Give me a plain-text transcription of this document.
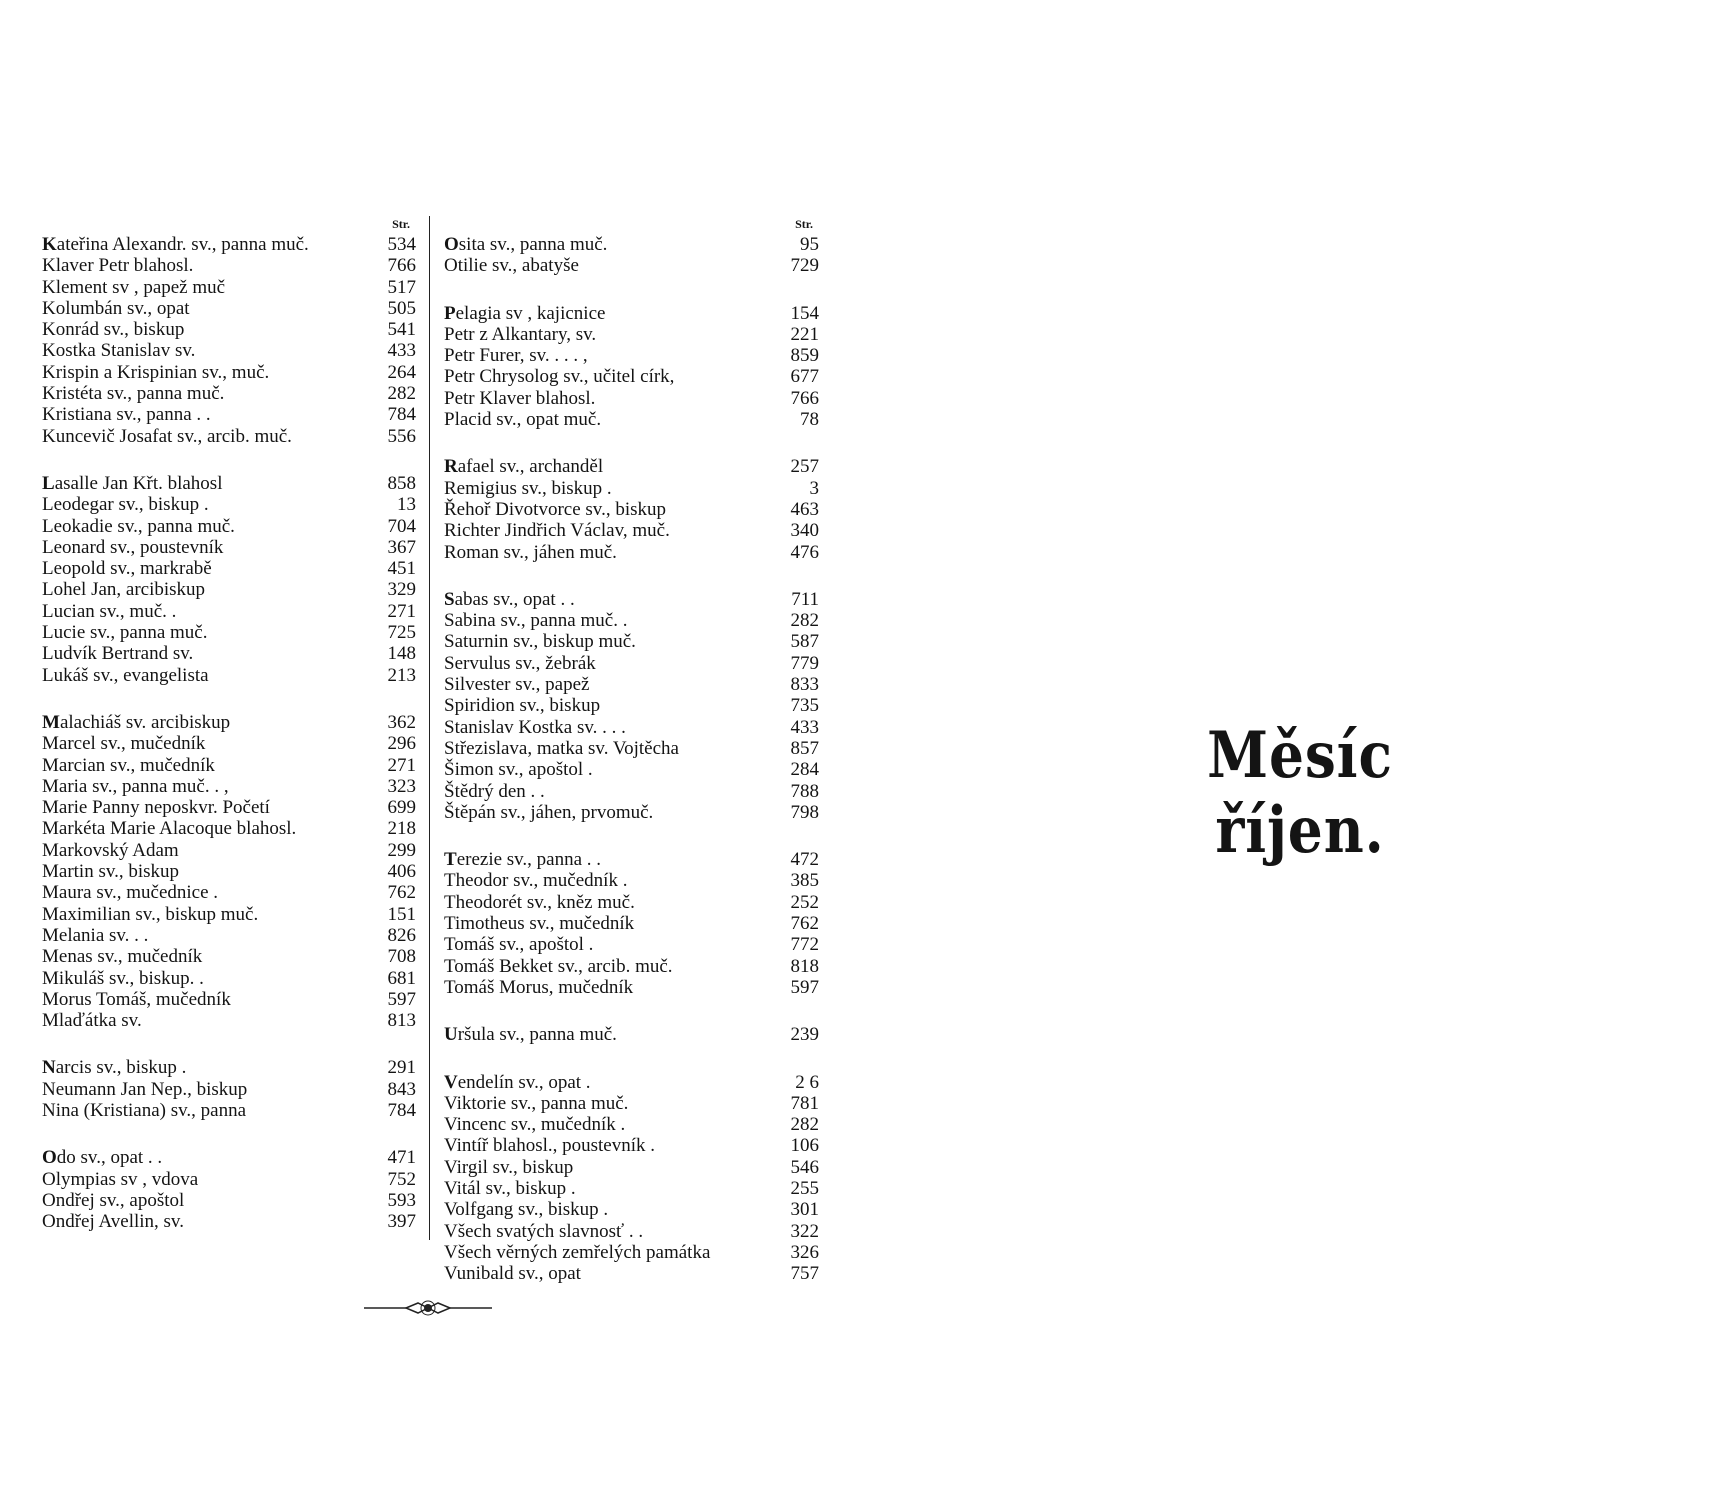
Str.
Kateřina Alexandr. sv., panna muč.	534
Klaver Petr blahosl.	766
Klement sv , papež muč	517
Kolumbán sv., opat	505
Konrád sv., biskup	541
Kostka Stanislav sv.	433
Krispin a Krispinian sv., muč.	264
Kristéta sv., panna muč.	282
Kristiana sv., panna . .	784
Kuncevič Josafat sv., arcib. muč.	556
Lasalle Jan Křt. blahosl	858
Leodegar sv., biskup .	13
Leokadie sv., panna muč.	704
Leonard sv., poustevník	367
Leopold sv., markrabě	451
Lohel Jan, arcibiskup	329
Lucian sv., muč. .	271
Lucie sv., panna muč.	725
Ludvík Bertrand sv.	148
Lukáš sv., evangelista	213
Malachiáš sv. arcibiskup	362
Marcel sv., mučedník	296
Marcian sv., mučedník	271
Maria sv., panna muč. . ,	323
Marie Panny neposkvr. Početí	699
Markéta Marie Alacoque blahosl.	218
Markovský Adam	299
Martin sv., biskup	406
Maura sv., mučednice .	762
Maximilian sv., biskup muč.	151
Melania sv. . .	826
Menas sv., mučedník	708
Mikuláš sv., biskup. .	681
Morus Tomáš, mučedník	597
Mlaďátka sv.	813
Narcis sv., biskup .	291
Neumann Jan Nep., biskup	843
Nina (Kristiana) sv., panna	784
Odo sv., opat . .	471
Olympias sv , vdova	752
Ondřej sv., apoštol	593
Ondřej Avellin, sv.	397
Str.
Osita sv., panna muč.	95
Otilie sv., abatyše	729
Pelagia sv , kajicnice	154
Petr z Alkantary, sv.	221
Petr Furer, sv. . . . ,	859
Petr Chrysolog sv., učitel círk,	677
Petr Klaver blahosl.	766
Placid sv., opat muč.	78
Rafael sv., archanděl	257
Remigius sv., biskup .	3
Řehoř Divotvorce sv., biskup	463
Richter Jindřich Václav, muč.	340
Roman sv., jáhen muč.	476
Sabas sv., opat . .	711
Sabina sv., panna muč. .	282
Saturnin sv., biskup muč.	587
Servulus sv., žebrák	779
Silvester sv., papež	833
Spiridion sv., biskup	735
Stanislav Kostka sv. . . .	433
Střezislava, matka sv. Vojtěcha	857
Šimon sv., apoštol .	284
Štědrý den . .	788
Štěpán sv., jáhen, prvomuč.	798
Terezie sv., panna . .	472
Theodor sv., mučedník .	385
Theodorét sv., kněz muč.	252
Timotheus sv., mučedník	762
Tomáš sv., apoštol .	772
Tomáš Bekket sv., arcib. muč.	818
Tomáš Morus, mučedník	597
Uršula sv., panna muč.	239
Vendelín sv., opat .	2 6
Viktorie sv., panna muč.	781
Vincenc sv., mučedník .	282
Vintíř blahosl., poustevník .	106
Virgil sv., biskup	546
Vitál sv., biskup .	255
Volfgang sv., biskup .	301
Všech svatých slavnosť . .	322
Všech věrných zemřelých památka	326
Vunibald sv., opat	757
Měsíc říjen.
